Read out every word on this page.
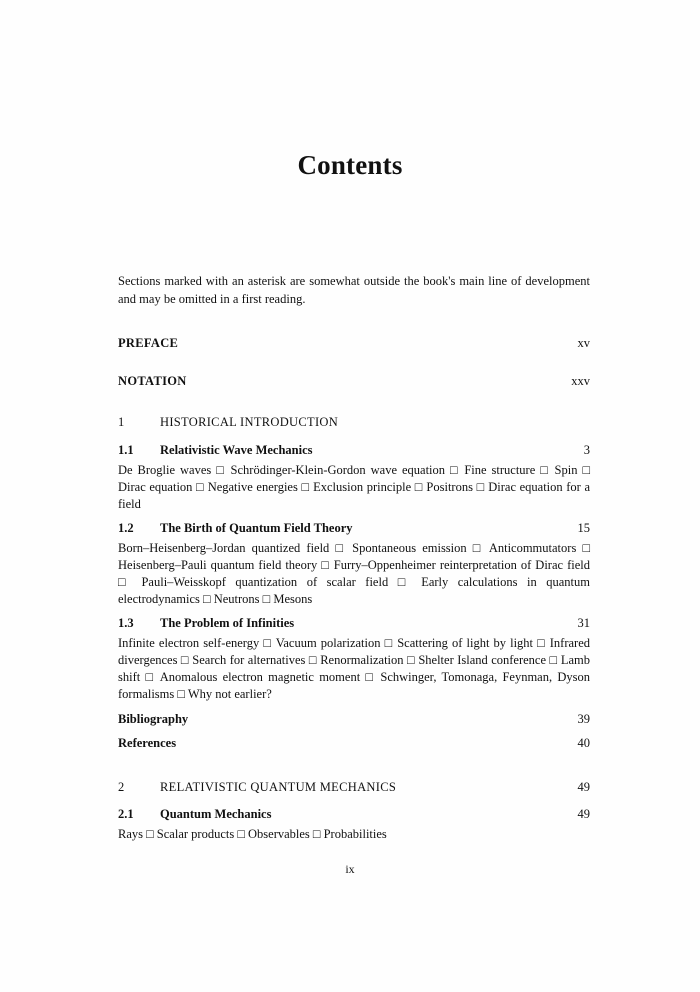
Contents
Sections marked with an asterisk are somewhat outside the book's main line of development and may be omitted in a first reading.
PREFACE	xv
NOTATION	xxv
1	HISTORICAL INTRODUCTION
1.1	Relativistic Wave Mechanics	3
De Broglie waves □ Schrödinger-Klein-Gordon wave equation □ Fine structure □ Spin □ Dirac equation □ Negative energies □ Exclusion principle □ Positrons □ Dirac equation for a field
1.2	The Birth of Quantum Field Theory	15
Born–Heisenberg–Jordan quantized field □ Spontaneous emission □ Anticommutators □ Heisenberg–Pauli quantum field theory □ Furry–Oppenheimer reinterpretation of Dirac field □ Pauli–Weisskopf quantization of scalar field □ Early calculations in quantum electrodynamics □ Neutrons □ Mesons
1.3	The Problem of Infinities	31
Infinite electron self-energy □ Vacuum polarization □ Scattering of light by light □ Infrared divergences □ Search for alternatives □ Renormalization □ Shelter Island conference □ Lamb shift □ Anomalous electron magnetic moment □ Schwinger, Tomonaga, Feynman, Dyson formalisms □ Why not earlier?
Bibliography	39
References	40
2	RELATIVISTIC QUANTUM MECHANICS	49
2.1	Quantum Mechanics	49
Rays □ Scalar products □ Observables □ Probabilities
ix
